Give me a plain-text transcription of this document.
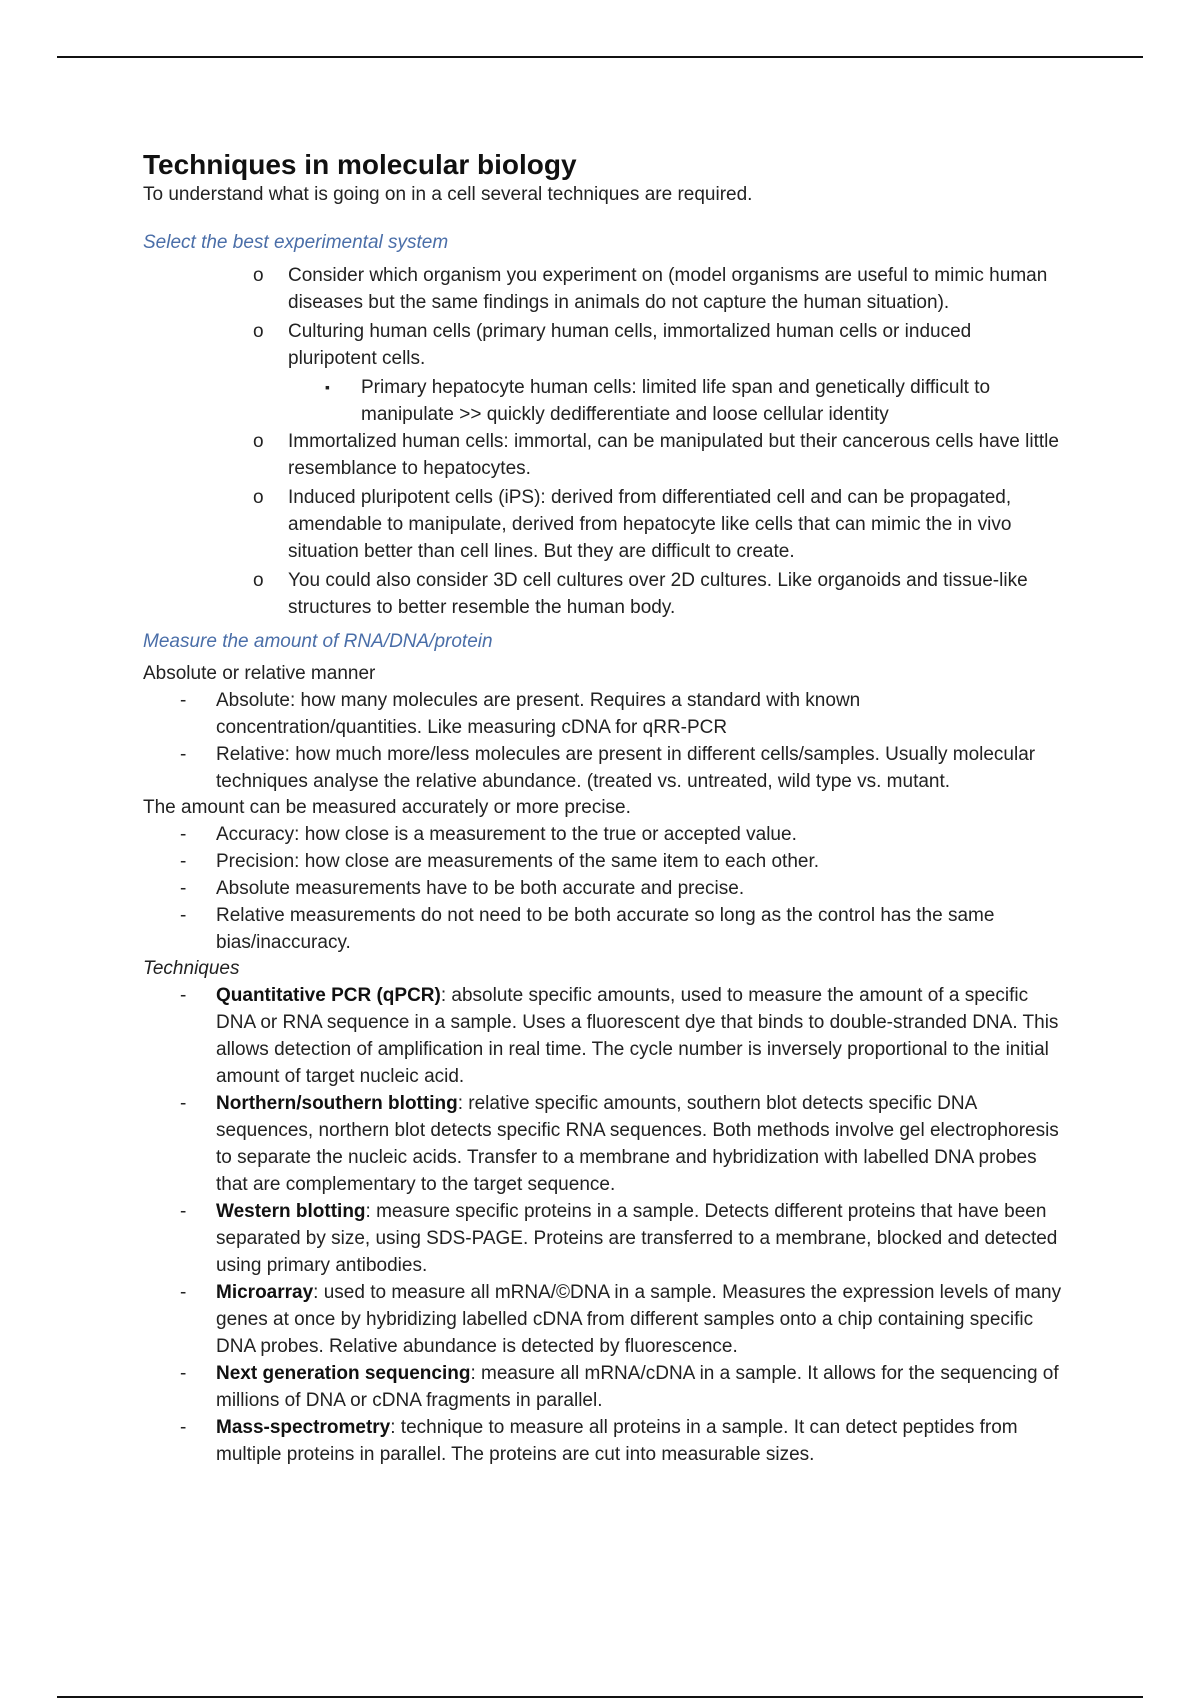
Techniques in molecular biology

To understand what is going on in a cell several techniques are required.

Select the best experimental system
o Consider which organism you experiment on (model organisms are useful to mimic human diseases but the same findings in animals do not capture the human situation).
o Culturing human cells (primary human cells, immortalized human cells or induced pluripotent cells.
▪ Primary hepatocyte human cells: limited life span and genetically difficult to manipulate >> quickly dedifferentiate and loose cellular identity
o Immortalized human cells: immortal, can be manipulated but their cancerous cells have little resemblance to hepatocytes.
o Induced pluripotent cells (iPS): derived from differentiated cell and can be propagated, amendable to manipulate, derived from hepatocyte like cells that can mimic the in vivo situation better than cell lines. But they are difficult to create.
o You could also consider 3D cell cultures over 2D cultures. Like organoids and tissue-like structures to better resemble the human body.
Measure the amount of RNA/DNA/protein

Absolute or relative manner

- Absolute: how many molecules are present. Requires a standard with known concentration/quantities. Like measuring cDNA for qRR-PCR
- Relative: how much more/less molecules are present in different cells/samples. Usually molecular techniques analyse the relative abundance. (treated vs. untreated, wild type vs. mutant.

The amount can be measured accurately or more precise.

- Accuracy: how close is a measurement to the true or accepted value.
- Precision: how close are measurements of the same item to each other.
- Absolute measurements have to be both accurate and precise.
- Relative measurements do not need to be both accurate so long as the control has the same bias/inaccuracy.

Techniques

- Quantitative PCR (qPCR): absolute specific amounts, used to measure the amount of a specific DNA or RNA sequence in a sample. Uses a fluorescent dye that binds to double-stranded DNA. This allows detection of amplification in real time. The cycle number is inversely proportional to the initial amount of target nucleic acid.
- Northern/southern blotting: relative specific amounts, southern blot detects specific DNA sequences, northern blot detects specific RNA sequences. Both methods involve gel electrophoresis to separate the nucleic acids. Transfer to a membrane and hybridization with labelled DNA probes that are complementary to the target sequence.
- Western blotting: measure specific proteins in a sample. Detects different proteins that have been separated by size, using SDS-PAGE. Proteins are transferred to a membrane, blocked and detected using primary antibodies.
- Microarray: used to measure all mRNA/©DNA in a sample. Measures the expression levels of many genes at once by hybridizing labelled cDNA from different samples onto a chip containing specific DNA probes. Relative abundance is detected by fluorescence.
- Next generation sequencing: measure all mRNA/cDNA in a sample. It allows for the sequencing of millions of DNA or cDNA fragments in parallel.
- Mass-spectrometry: technique to measure all proteins in a sample. It can detect peptides from multiple proteins in parallel. The proteins are cut into measurable sizes.
